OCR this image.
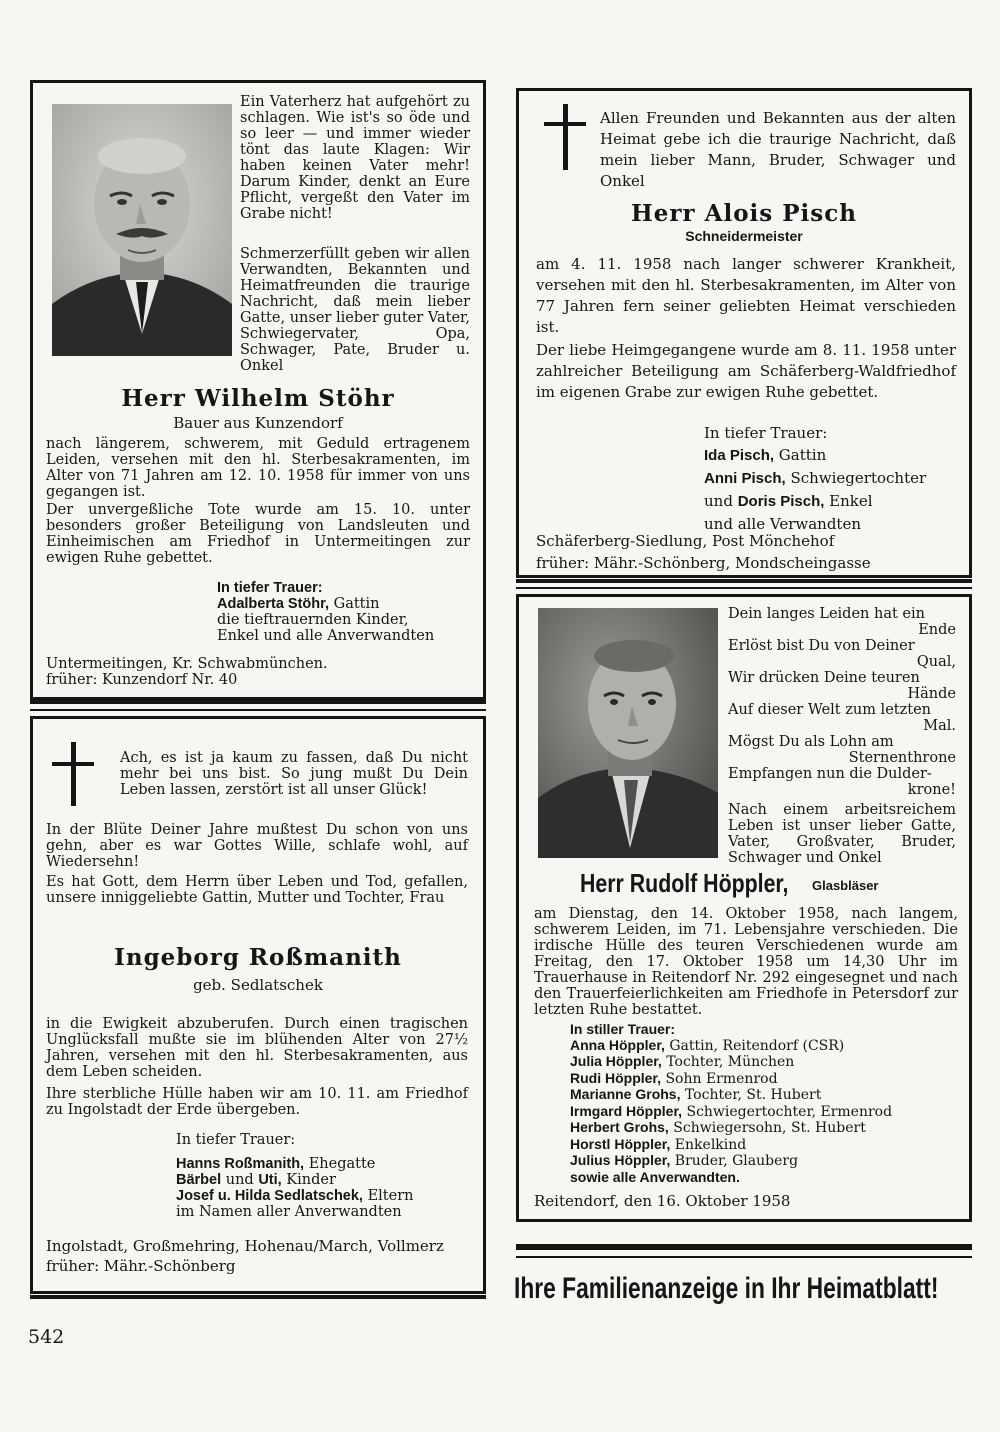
Ein Vaterherz hat aufgehört zu schlagen. Wie ist's so öde und so leer — und immer wieder tönt das laute Klagen: Wir haben keinen Vater mehr! Darum Kinder, denkt an Eure Pflicht, vergeßt den Vater im Grabe nicht!
Schmerzerfüllt geben wir allen Verwandten, Bekannten und Heimatfreunden die traurige Nachricht, daß mein lieber Gatte, unser lieber guter Vater, Schwiegervater, Opa, Schwager, Pate, Bruder u. Onkel
Herr Wilhelm Stöhr
Bauer aus Kunzendorf
nach längerem, schwerem, mit Geduld ertragenem Leiden, versehen mit den hl. Sterbesakramenten, im Alter von 71 Jahren am 12. 10. 1958 für immer von uns gegangen ist.
Der unvergeßliche Tote wurde am 15. 10. unter besonders großer Beteiligung von Landsleuten und Einheimischen am Friedhof in Untermeitingen zur ewigen Ruhe gebettet.
In tiefer Trauer:
Adalberta Stöhr, Gattin
die tieftrauernden Kinder,
Enkel und alle Anverwandten
Untermeitingen, Kr. Schwabmünchen.
früher: Kunzendorf Nr. 40
Allen Freunden und Bekannten aus der alten Heimat gebe ich die traurige Nachricht, daß mein lieber Mann, Bruder, Schwager und Onkel
Herr Alois Pisch
Schneidermeister
am 4. 11. 1958 nach langer schwerer Krankheit, versehen mit den hl. Sterbesakramenten, im Alter von 77 Jahren fern seiner geliebten Heimat verschieden ist.
Der liebe Heimgegangene wurde am 8. 11. 1958 unter zahlreicher Beteiligung am Schäferberg-Waldfriedhof im eigenen Grabe zur ewigen Ruhe gebettet.
In tiefer Trauer:
Ida Pisch, Gattin
Anni Pisch, Schwiegertochter
und Doris Pisch, Enkel
und alle Verwandten
Schäferberg-Siedlung, Post Mönchehof
früher: Mähr.-Schönberg, Mondscheingasse
Ach, es ist ja kaum zu fassen, daß Du nicht mehr bei uns bist. So jung mußt Du Dein Leben lassen, zerstört ist all unser Glück!
In der Blüte Deiner Jahre mußtest Du schon von uns gehn, aber es war Gottes Wille, schlafe wohl, auf Wiedersehn!
Es hat Gott, dem Herrn über Leben und Tod, gefallen, unsere inniggeliebte Gattin, Mutter und Tochter, Frau
Ingeborg Roßmanith
geb. Sedlatschek
in die Ewigkeit abzuberufen. Durch einen tragischen Unglücksfall mußte sie im blühenden Alter von 27½ Jahren, versehen mit den hl. Sterbesakramenten, aus dem Leben scheiden.
Ihre sterbliche Hülle haben wir am 10. 11. am Friedhof zu Ingolstadt der Erde übergeben.
In tiefer Trauer:
Hanns Roßmanith, Ehegatte
Bärbel und Uti, Kinder
Josef u. Hilda Sedlatschek, Eltern
im Namen aller Anverwandten
Ingolstadt, Großmehring, Hohenau/March, Vollmerz
früher: Mähr.-Schönberg
Dein langes Leiden hat ein
Ende
Erlöst bist Du von Deiner
Qual,
Wir drücken Deine teuren
Hände
Auf dieser Welt zum letzten
Mal.
Mögst Du als Lohn am
Sternenthrone
Empfangen nun die Dulder-
krone!
Nach einem arbeitsreichem Leben ist unser lieber Gatte, Vater, Großvater, Bruder, Schwager und Onkel
Herr Rudolf Höppler, Glasbläser
am Dienstag, den 14. Oktober 1958, nach langem, schwerem Leiden, im 71. Lebensjahre verschieden. Die irdische Hülle des teuren Verschiedenen wurde am Freitag, den 17. Oktober 1958 um 14,30 Uhr im Trauerhause in Reitendorf Nr. 292 eingesegnet und nach den Trauerfeierlichkeiten am Friedhofe in Petersdorf zur letzten Ruhe bestattet.
In stiller Trauer:
Anna Höppler, Gattin, Reitendorf (CSR)
Julia Höppler, Tochter, München
Rudi Höppler, Sohn Ermenrod
Marianne Grohs, Tochter, St. Hubert
Irmgard Höppler, Schwiegertochter, Ermenrod
Herbert Grohs, Schwiegersohn, St. Hubert
Horstl Höppler, Enkelkind
Julius Höppler, Bruder, Glauberg
sowie alle Anverwandten.
Reitendorf, den 16. Oktober 1958
Ihre Familienanzeige in Ihr Heimatblatt!
542
